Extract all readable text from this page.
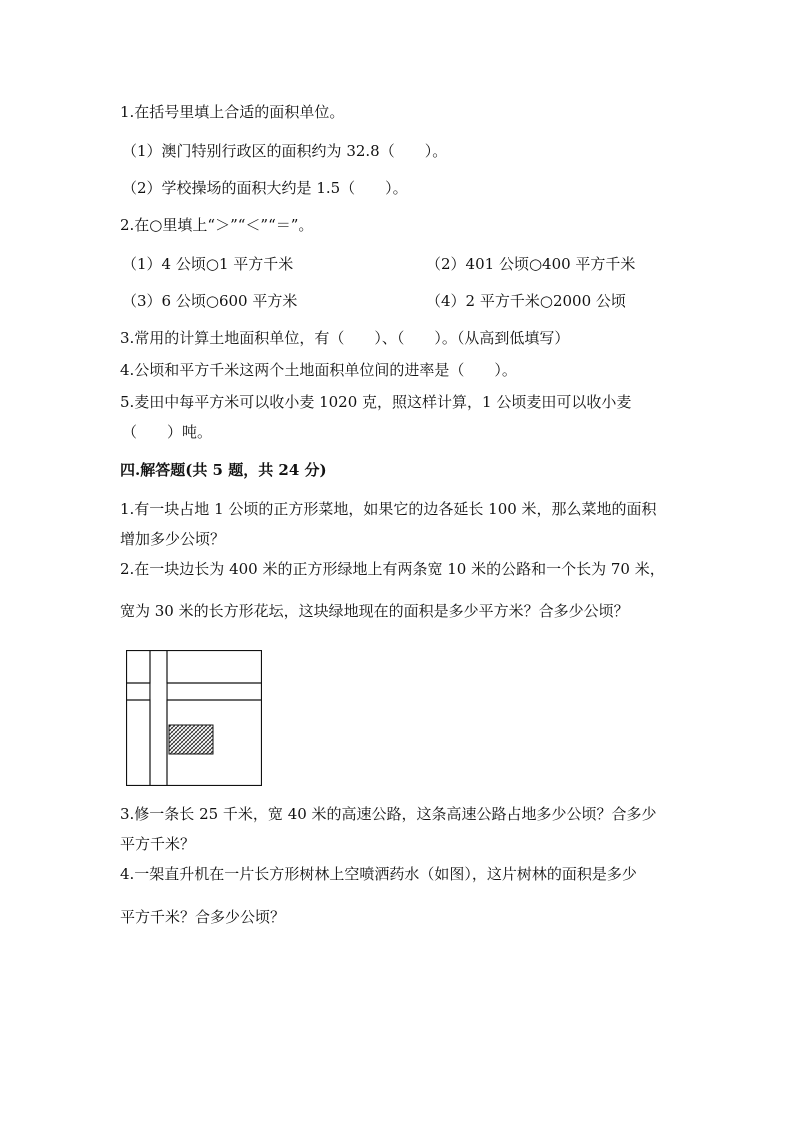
1.在括号里填上合适的面积单位。
（1）澳门特别行政区的面积约为 32.8（　　）。
（2）学校操场的面积大约是 1.5（　　）。
2.在○里填上“＞”“＜”“＝”。
（1）4 公顷○1 平方千米	（2）401 公顷○400 平方千米
（3）6 公顷○600 平方米	（4）2 平方千米○2000 公顷
3.常用的计算土地面积单位，有（　　）、（　　）。（从高到低填写）
4.公顷和平方千米这两个土地面积单位间的进率是（　　）。
5.麦田中每平方米可以收小麦 1020 克，照这样计算，1 公顷麦田可以收小麦
（　　）吨。
四.解答题(共 5 题，共 24 分)
1.有一块占地 1 公顷的正方形菜地，如果它的边各延长 100 米，那么菜地的面积
增加多少公顷？
2.在一块边长为 400 米的正方形绿地上有两条宽 10 米的公路和一个长为 70 米，
宽为 30 米的长方形花坛，这块绿地现在的面积是多少平方米？合多少公顷？
3.修一条长 25 千米，宽 40 米的高速公路，这条高速公路占地多少公顷？合多少
平方千米？
4.一架直升机在一片长方形树林上空喷洒药水（如图），这片树林的面积是多少
平方千米？合多少公顷？
